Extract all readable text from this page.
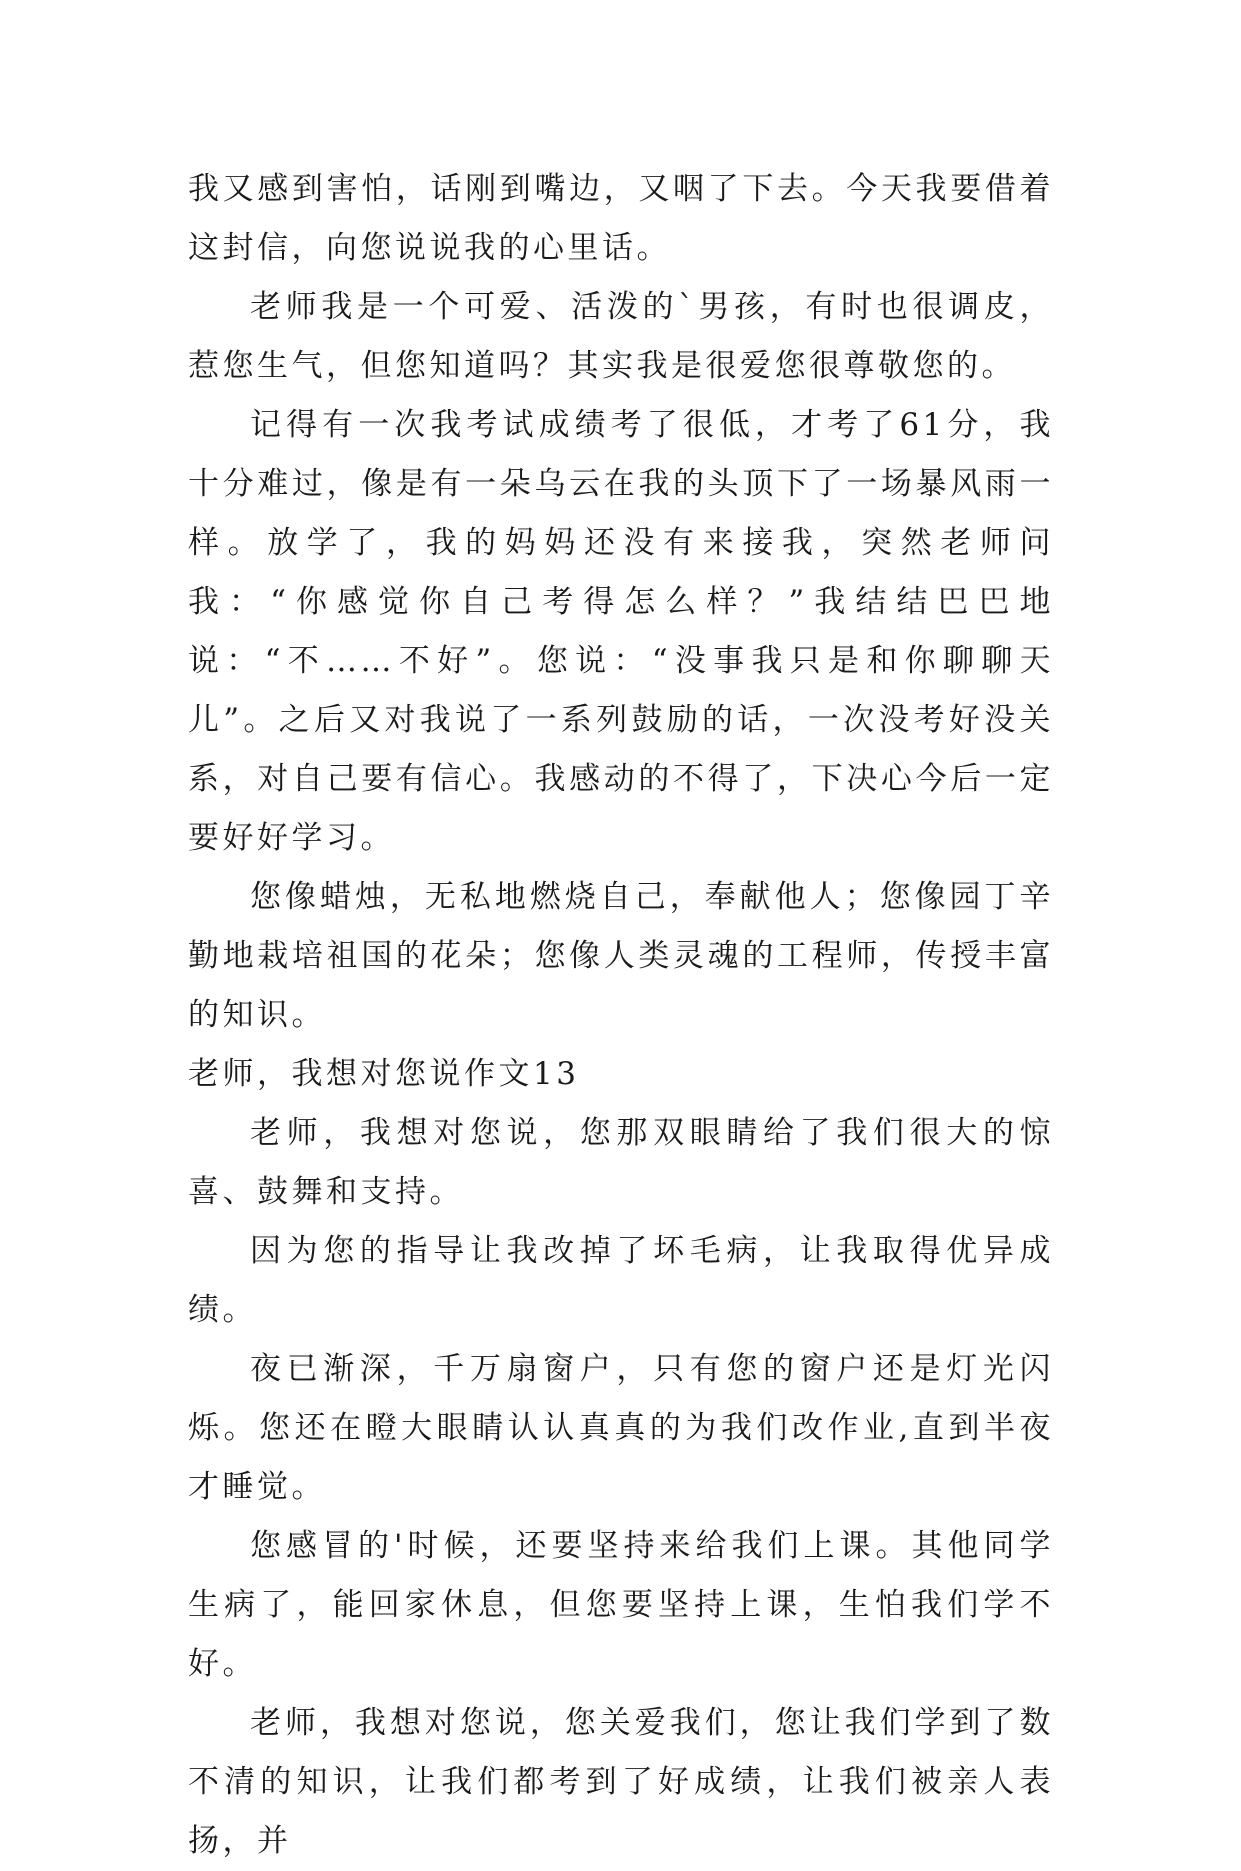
我又感到害怕，话刚到嘴边，又咽了下去。今天我要借着这封信，向您说说我的心里话。

老师我是一个可爱、活泼的`男孩，有时也很调皮，惹您生气，但您知道吗？其实我是很爱您很尊敬您的。

记得有一次我考试成绩考了很低，才考了61分，我十分难过，像是有一朵乌云在我的头顶下了一场暴风雨一样。放学了，我的妈妈还没有来接我，突然老师问我：“你感觉你自己考得怎么样？”我结结巴巴地说：“不……不好”。您说：“没事我只是和你聊聊天儿”。之后又对我说了一系列鼓励的话，一次没考好没关系，对自己要有信心。我感动的不得了，下决心今后一定要好好学习。

您像蜡烛，无私地燃烧自己，奉献他人；您像园丁辛勤地栽培祖国的花朵；您像人类灵魂的工程师，传授丰富的知识。

老师，我想对您说作文13

老师，我想对您说，您那双眼睛给了我们很大的惊喜、鼓舞和支持。

因为您的指导让我改掉了坏毛病，让我取得优异成绩。

夜已渐深，千万扇窗户，只有您的窗户还是灯光闪烁。您还在瞪大眼睛认认真真的为我们改作业,直到半夜才睡觉。

您感冒的'时候，还要坚持来给我们上课。其他同学生病了，能回家休息，但您要坚持上课，生怕我们学不好。

老师，我想对您说，您关爱我们，您让我们学到了数不清的知识，让我们都考到了好成绩，让我们被亲人表扬，并
